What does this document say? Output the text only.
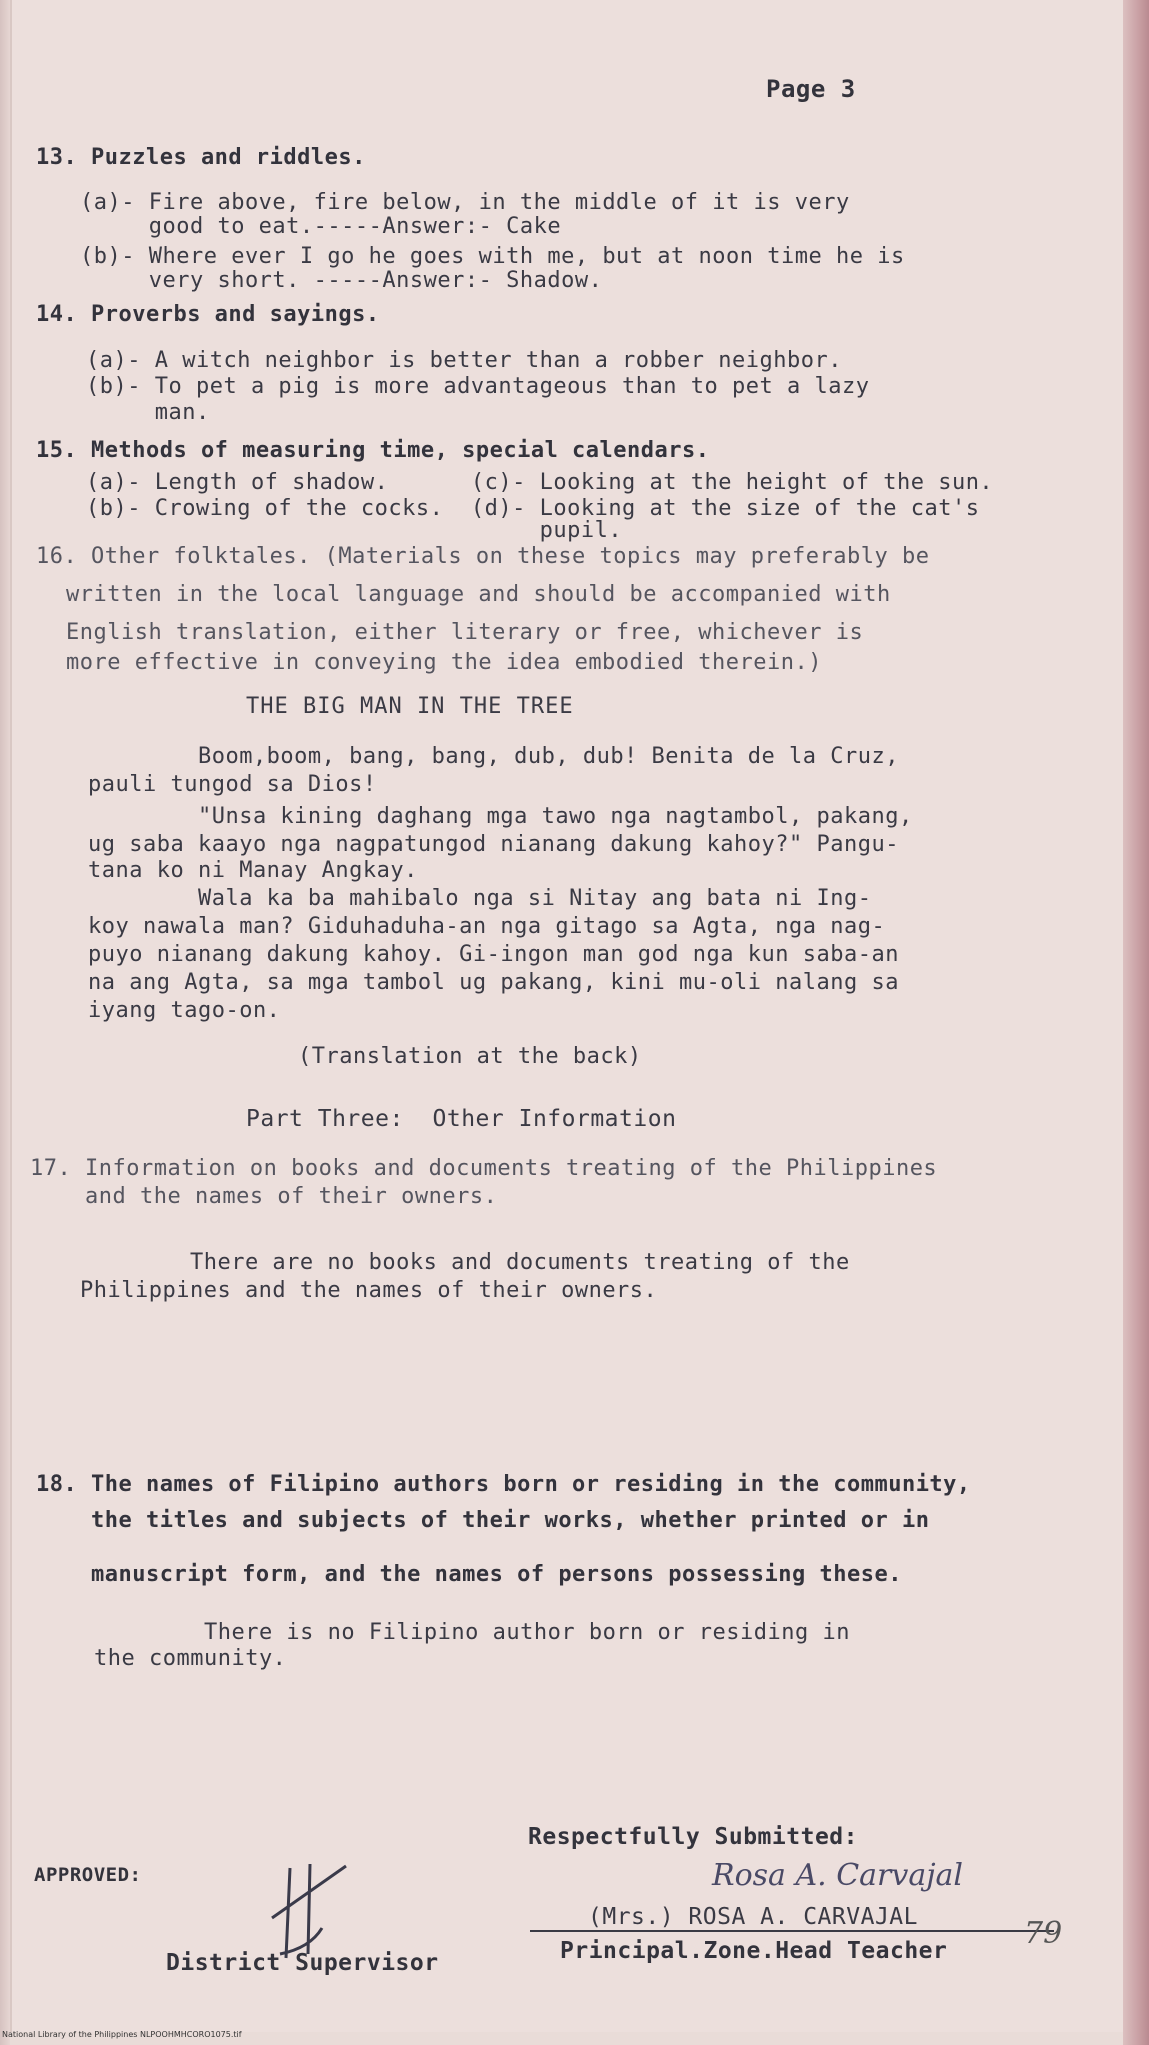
Page 3
13. Puzzles and riddles.
(a)- Fire above, fire below, in the middle of it is very
good to eat.-----Answer:- Cake
(b)- Where ever I go he goes with me, but at noon time he is
very short. -----Answer:- Shadow.
14. Proverbs and sayings.
(a)- A witch neighbor is better than a robber neighbor.
(b)- To pet a pig is more advantageous than to pet a lazy
man.
15. Methods of measuring time, special calendars.
(a)- Length of shadow.      (c)- Looking at the height of the sun.
(b)- Crowing of the cocks.  (d)- Looking at the size of the cat's
pupil.
16. Other folktales. (Materials on these topics may preferably be
written in the local language and should be accompanied with
English translation, either literary or free, whichever is
more effective in conveying the idea embodied therein.)
THE BIG MAN IN THE TREE
Boom,boom, bang, bang, dub, dub! Benita de la Cruz,
pauli tungod sa Dios!
"Unsa kining daghang mga tawo nga nagtambol, pakang,
ug saba kaayo nga nagpatungod nianang dakung kahoy?" Pangu-
tana ko ni Manay Angkay.
Wala ka ba mahibalo nga si Nitay ang bata ni Ing-
koy nawala man? Giduhaduha-an nga gitago sa Agta, nga nag-
puyo nianang dakung kahoy. Gi-ingon man god nga kun saba-an
na ang Agta, sa mga tambol ug pakang, kini mu-oli nalang sa
iyang tago-on.
(Translation at the back)
Part Three:  Other Information
17. Information on books and documents treating of the Philippines
and the names of their owners.
There are no books and documents treating of the
Philippines and the names of their owners.
18. The names of Filipino authors born or residing in the community,
the titles and subjects of their works, whether printed or in
manuscript form, and the names of persons possessing these.
There is no Filipino author born or residing in
the community.
Respectfully Submitted:
APPROVED:	Rosa A. Carvajal
(Mrs.) ROSA A. CARVAJAL
Principal.Zone.Head Teacher
District Supervisor
79
National Library of the Philippines NLPOOHMHCORO1075.tif
